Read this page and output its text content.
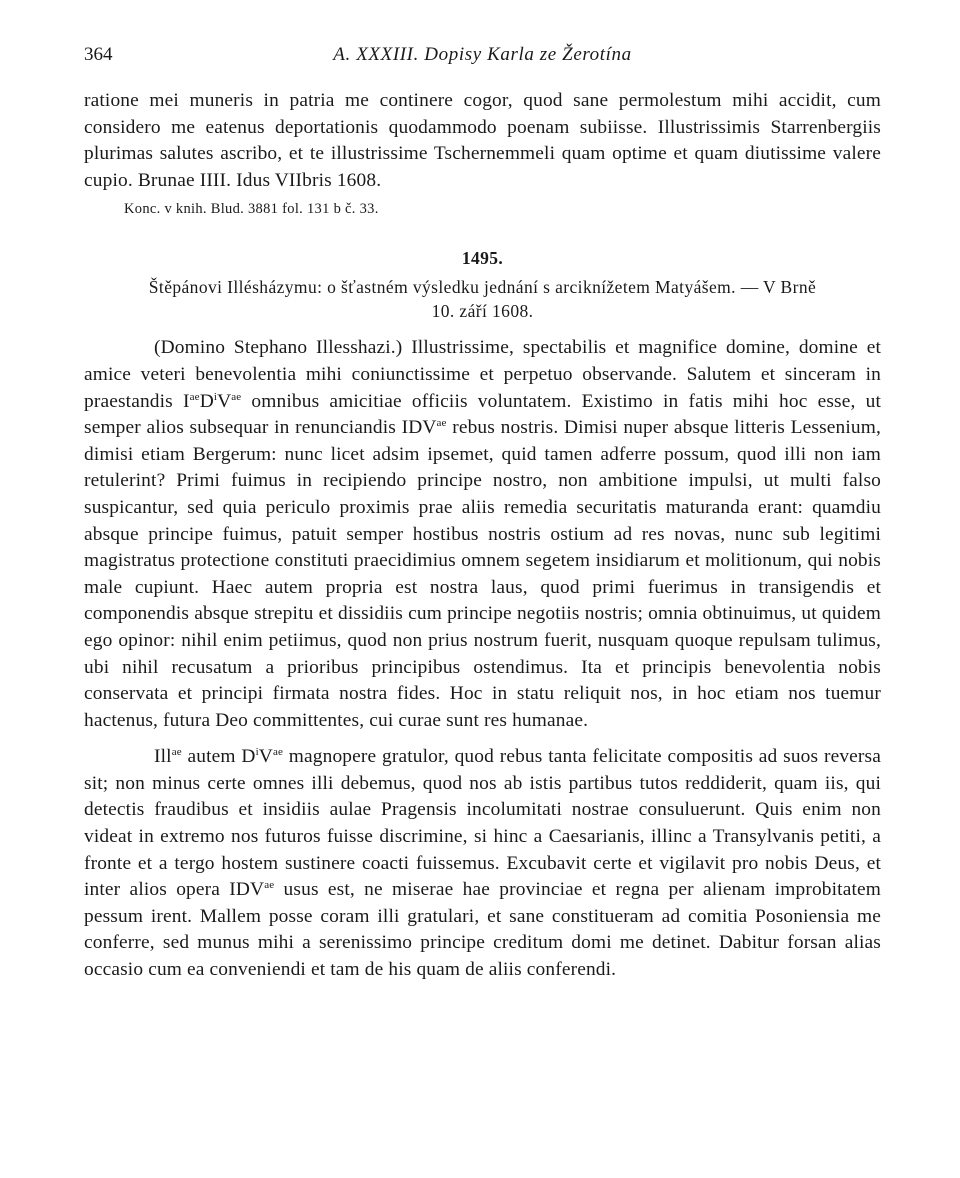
364	A. XXXIII. Dopisy Karla ze Žerotína

ratione mei muneris in patria me continere cogor, quod sane permolestum mihi accidit, cum considero me eatenus deportationis quodammodo poenam subiisse. Illustrissimis Starrenbergiis plurimas salutes ascribo, et te illustrissime Tschernemmeli quam optime et quam diutissime valere cupio. Brunae IIII. Idus VIIbris 1608.

Konc. v knih. Blud. 3881 fol. 131 b č. 33.
1495.
Štěpánovi Illésházymu: o šťastném výsledku jednání s arciknížetem Matyášem. — V Brně
10. září 1608.

(Domino Stephano Illesshazi.) Illustrissime, spectabilis et magnifice domine, domine et amice veteri benevolentia mihi coniunctissime et perpetuo observande. Salutem et sinceram in praestandis $I^{ae}D^iV^{ae}$ omnibus amicitiae officiis voluntatem. Existimo in fatis mihi hoc esse, ut semper alios subsequar in renunciandis $IDV^{ae}$ rebus nostris. Dimisi nuper absque litteris Lessenium, dimisi etiam Bergerum: nunc licet adsim ipsemet, quid tamen adferre possum, quod illi non iam retulerint? Primi fuimus in recipiendo principe nostro, non ambitione impulsi, ut multi falso suspicantur, sed quia periculo proximis prae aliis remedia securitatis maturanda erant: quamdiu absque principe fuimus, patuit semper hostibus nostris ostium ad res novas, nunc sub legitimi magistratus protectione constituti praecidimius omnem segetem insidiarum et molitionum, qui nobis male cupiunt. Haec autem propria est nostra laus, quod primi fuerimus in transigendis et componendis absque strepitu et dissidiis cum principe negotiis nostris; omnia obtinuimus, ut quidem ego opinor: nihil enim petiimus, quod non prius nostrum fuerit, nusquam quoque repulsam tulimus, ubi nihil recusatum a prioribus principibus ostendimus. Ita et principis benevolentia nobis conservata et principi firmata nostra fides. Hoc in statu reliquit nos, in hoc etiam nos tuemur hactenus, futura Deo committentes, cui curae sunt res humanae.

Ill$^{ae}$ autem $D^iV^{ae}$ magnopere gratulor, quod rebus tanta felicitate compositis ad suos reversa sit; non minus certe omnes illi debemus, quod nos ab istis partibus tutos reddiderit, quam iis, qui detectis fraudibus et insidiis aulae Pragensis incolumitati nostrae consuluerunt. Quis enim non videat in extremo nos futuros fuisse discrimine, si hinc a Caesarianis, illinc a Transylvanis petiti, a fronte et a tergo hostem sustinere coacti fuissemus. Excubavit certe et vigilavit pro nobis Deus, et inter alios opera $IDV^{ae}$ usus est, ne miserae hae provinciae et regna per alienam improbitatem pessum irent. Mallem posse coram illi gratulari, et sane constitueram ad comitia Posoniensia me conferre, sed munus mihi a serenissimo principe creditum domi me detinet. Dabitur forsan alias occasio cum ea conveniendi et tam de his quam de aliis conferendi.
